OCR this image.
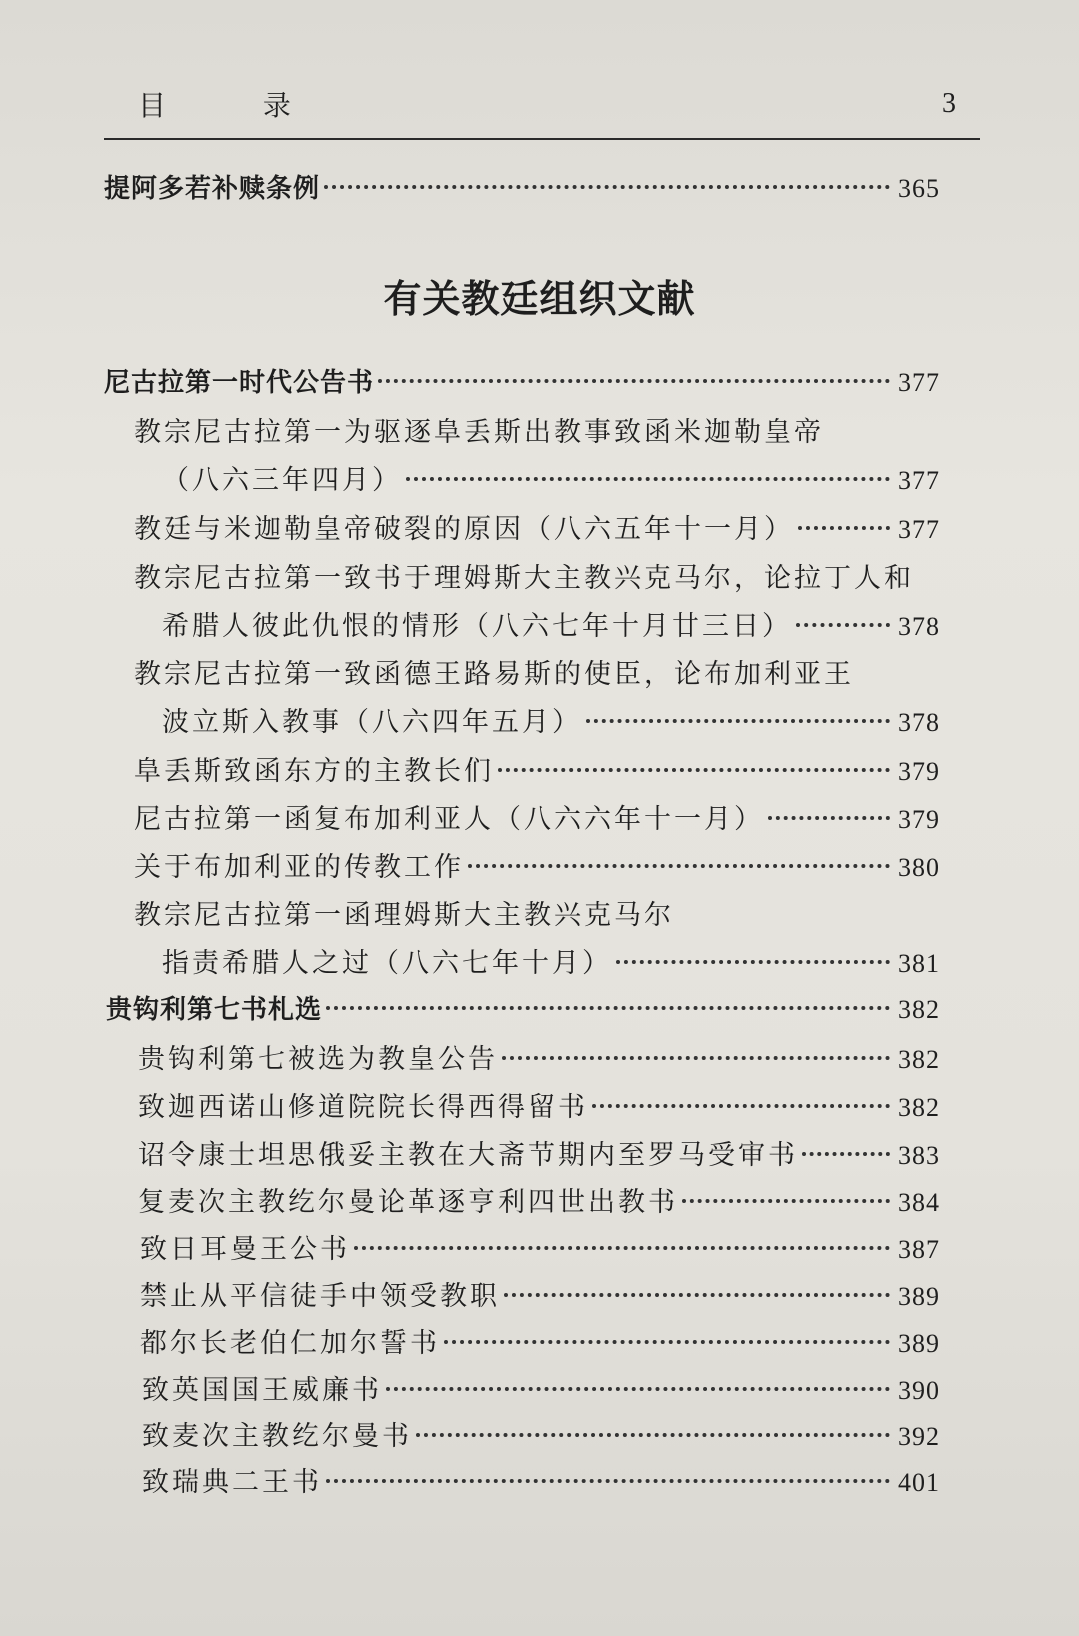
目 录	3
提阿多若补赎条例	365
有关教廷组织文献
尼古拉第一时代公告书	377
教宗尼古拉第一为驱逐阜丢斯出教事致函米迦勒皇帝
（八六三年四月）	377
教廷与米迦勒皇帝破裂的原因（八六五年十一月）	377
教宗尼古拉第一致书于理姆斯大主教兴克马尔，论拉丁人和
希腊人彼此仇恨的情形（八六七年十月廿三日）	378
教宗尼古拉第一致函德王路易斯的使臣，论布加利亚王
波立斯入教事（八六四年五月）	378
阜丢斯致函东方的主教长们	379
尼古拉第一函复布加利亚人（八六六年十一月）	379
关于布加利亚的传教工作	380
教宗尼古拉第一函理姆斯大主教兴克马尔
指责希腊人之过（八六七年十月）	381
贵钩利第七书札选	382
贵钩利第七被选为教皇公告	382
致迦西诺山修道院院长得西得留书	382
诏令康士坦思俄妥主教在大斋节期内至罗马受审书	383
复麦次主教纥尔曼论革逐亨利四世出教书	384
致日耳曼王公书	387
禁止从平信徒手中领受教职	389
都尔长老伯仁加尔誓书	389
致英国国王威廉书	390
致麦次主教纥尔曼书	392
致瑞典二王书	401
